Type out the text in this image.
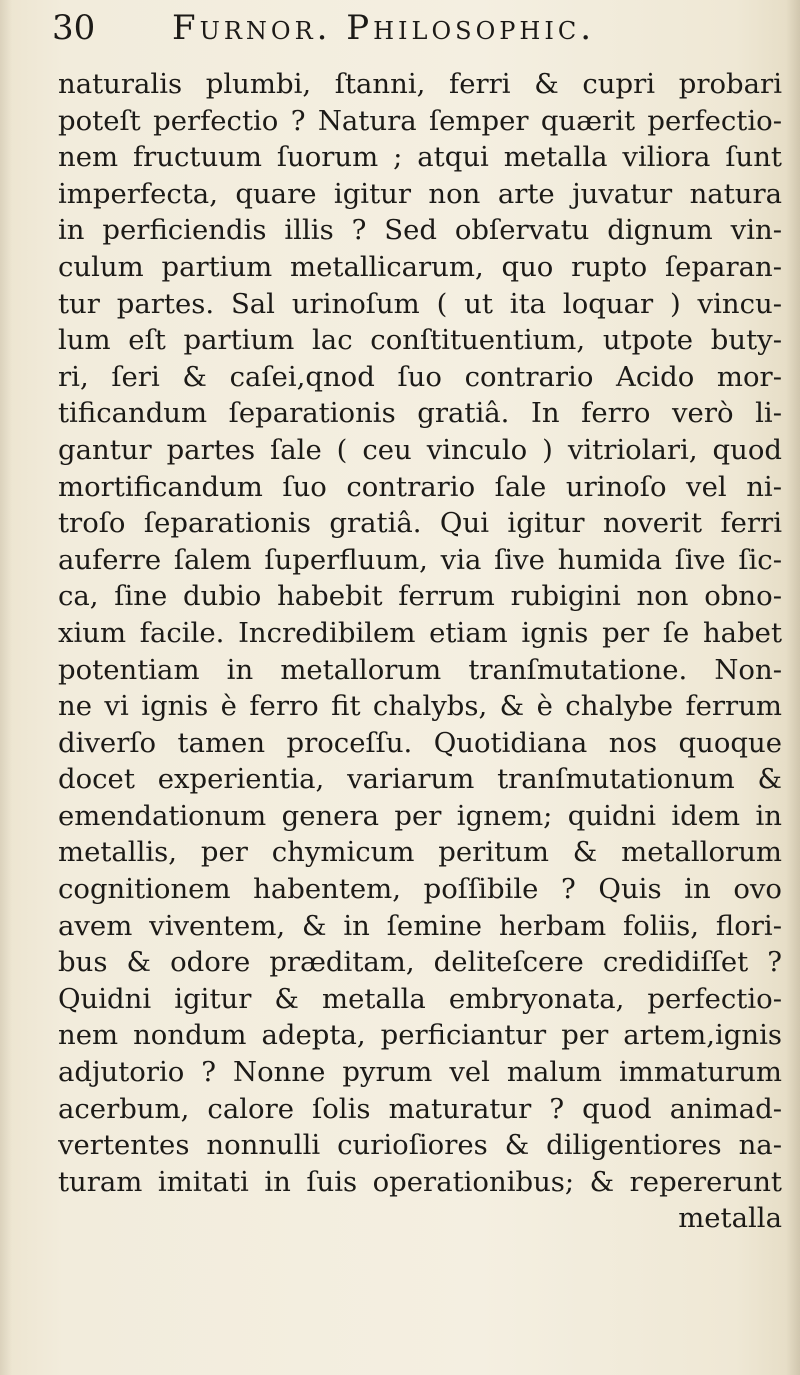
30	Furnor. Philosophic.
naturalis plumbi, ſtanni, ferri & cupri probari
poteſt perfectio ? Natura ſemper quærit perfectio-
nem fructuum ſuorum ; atqui metalla viliora ſunt
imperfecta, quare igitur non arte juvatur natura
in perficiendis illis ? Sed obſervatu dignum vin-
culum partium metallicarum, quo rupto ſeparan-
tur partes. Sal urinoſum ( ut ita loquar ) vincu-
lum eſt partium lac conſtituentium, utpote buty-
ri, ſeri & caſei,qnod ſuo contrario Acido mor-
tificandum ſeparationis gratiâ. In ferro verò li-
gantur partes ſale ( ceu vinculo ) vitriolari, quod
mortificandum ſuo contrario ſale urinoſo vel ni-
troſo ſeparationis gratiâ. Qui igitur noverit ferri
auferre ſalem ſuperfluum, via ſive humida ſive ſic-
ca, ſine dubio habebit ferrum rubigini non obno-
xium facile. Incredibilem etiam ignis per ſe habet
potentiam in metallorum tranſmutatione. Non-
ne vi ignis è ferro fit chalybs, & è chalybe ferrum
diverſo tamen proceſſu. Quotidiana nos quoque
docet experientia, variarum tranſmutationum &
emendationum genera per ignem; quidni idem in
metallis, per chymicum peritum & metallorum
cognitionem habentem, poſſibile ? Quis in ovo
avem viventem, & in ſemine herbam foliis, flori-
bus & odore præditam, deliteſcere credidiſſet ?
Quidni igitur & metalla embryonata, perfectio-
nem nondum adepta, perficiantur per artem,ignis
adjutorio ? Nonne pyrum vel malum immaturum
acerbum, calore ſolis maturatur ? quod animad-
vertentes nonnulli curioſiores & diligentiores na-
turam imitati in ſuis operationibus; & repererunt
metalla
